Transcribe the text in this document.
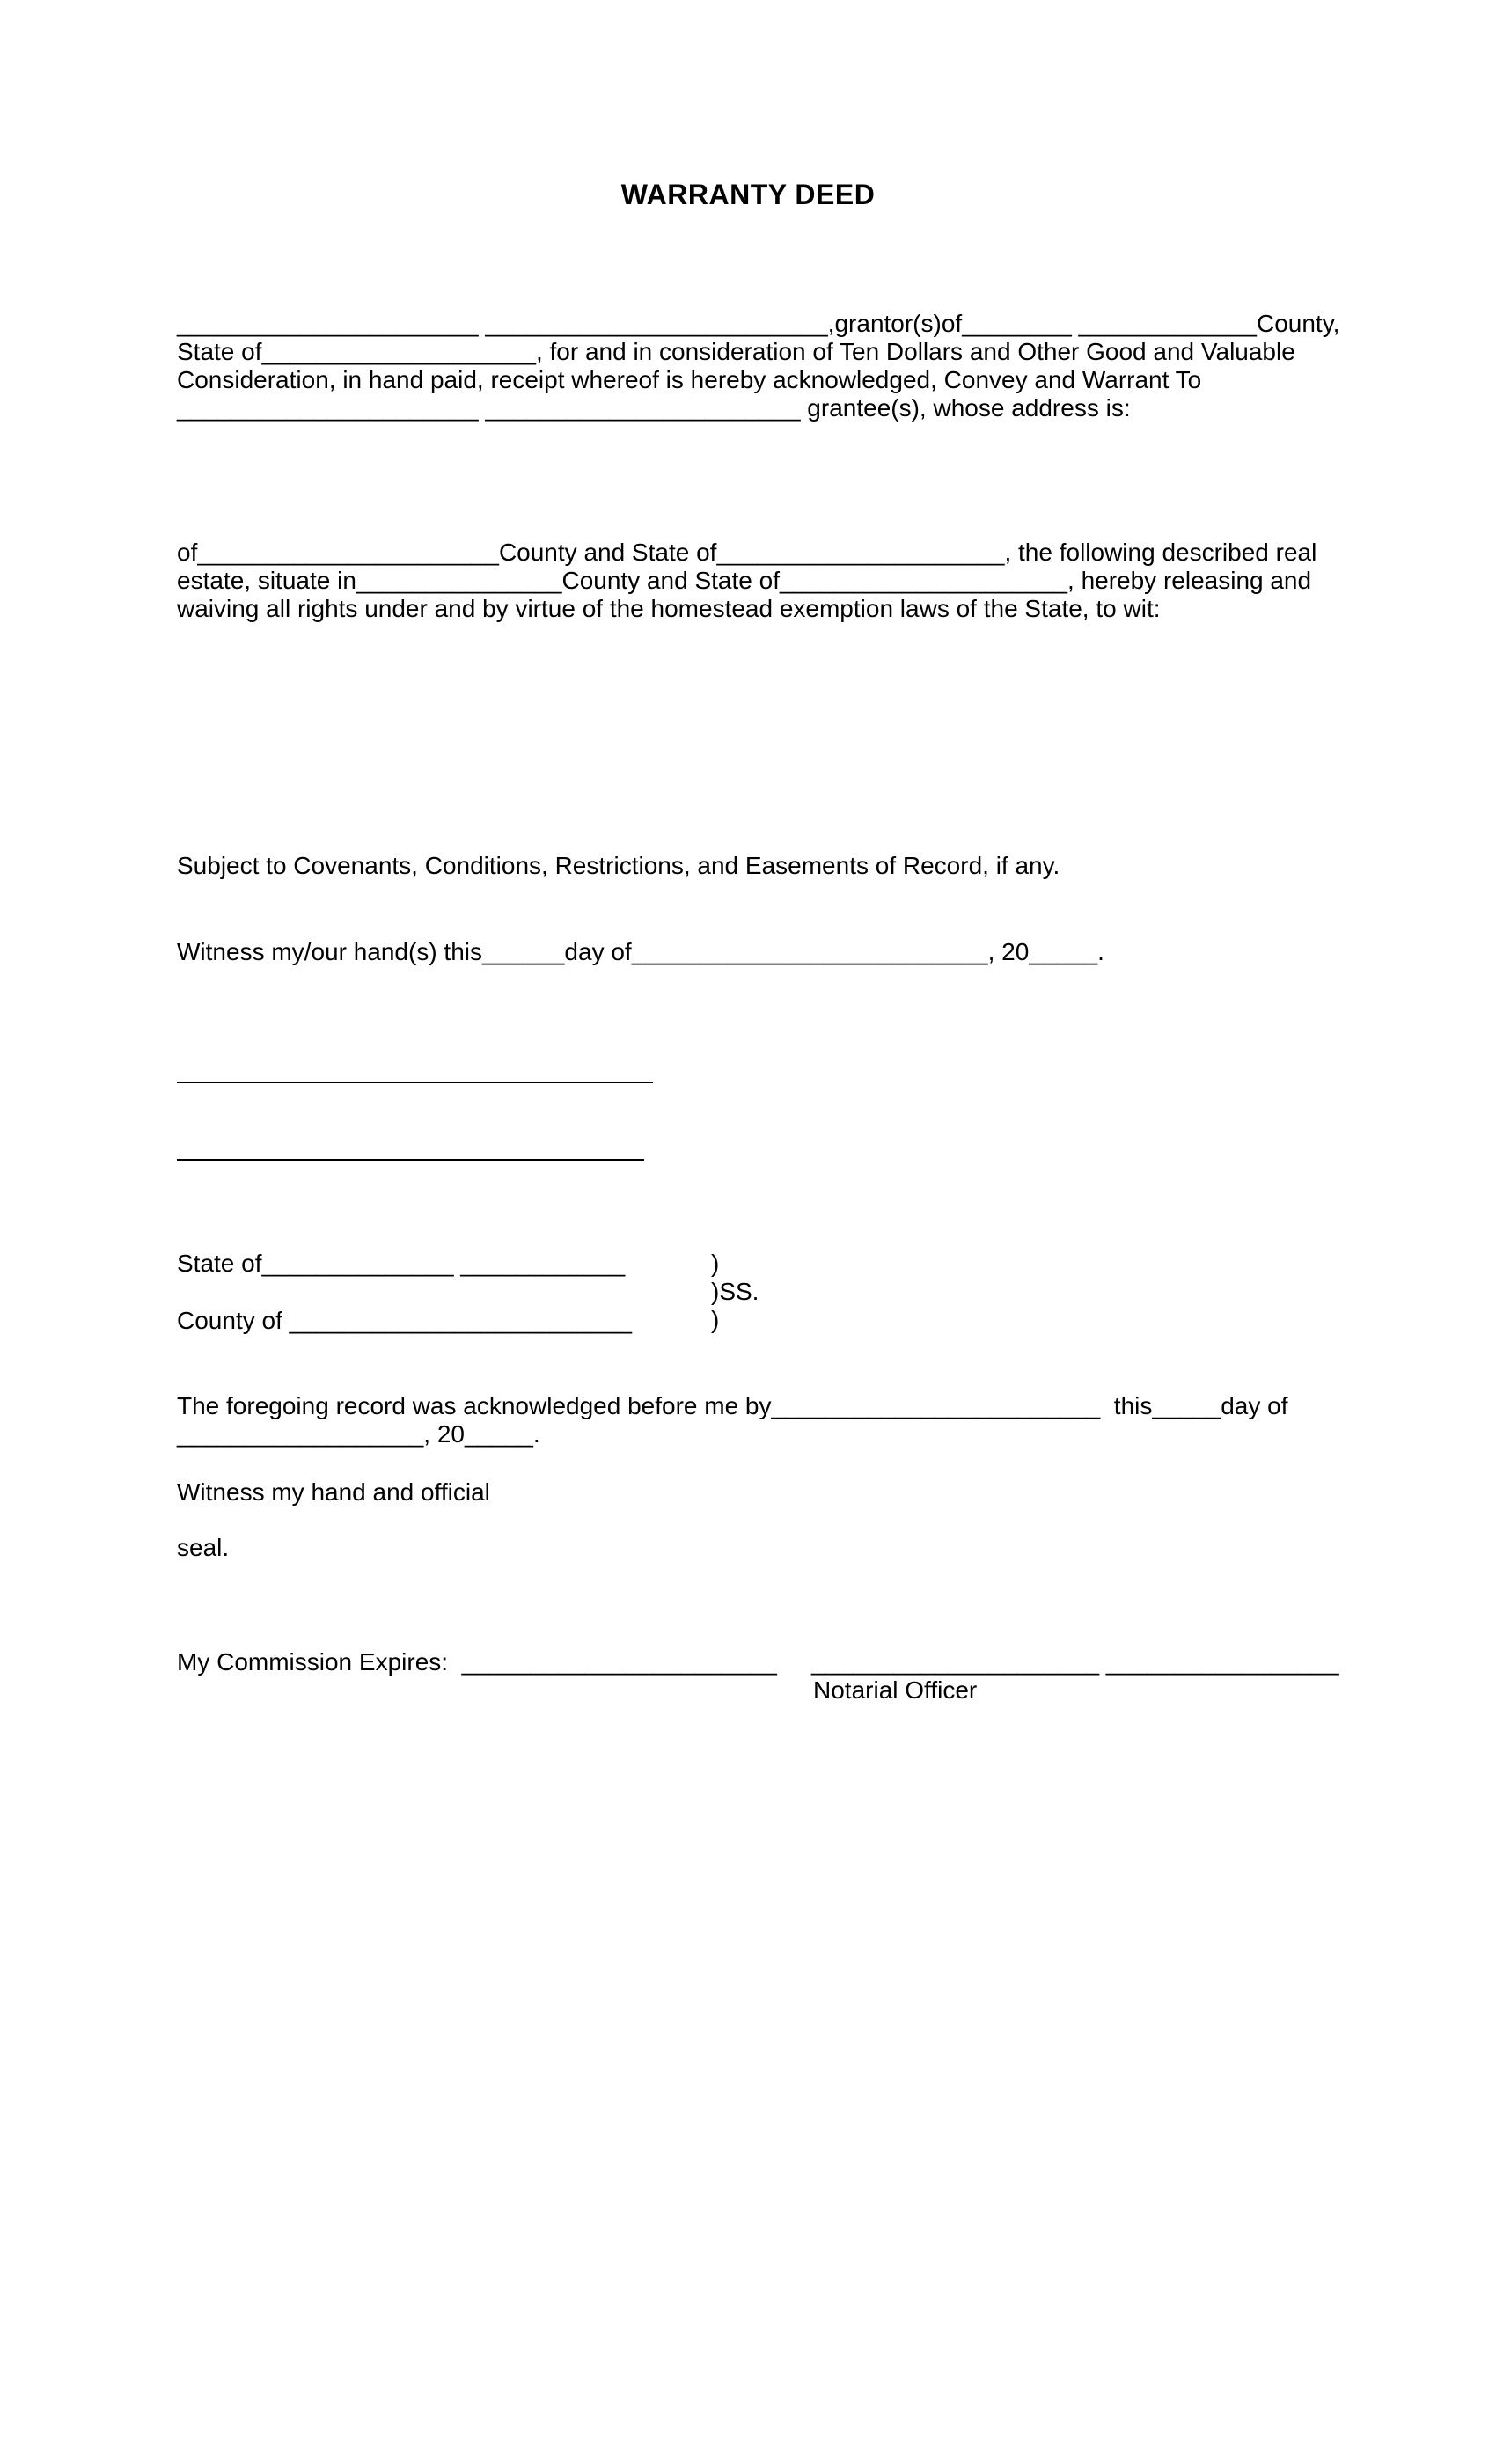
WARRANTY DEED
______________________ _________________________, grantor(s) of________ _____________County,
State of____________________, for and in consideration of Ten Dollars and Other Good and Valuable
Consideration, in hand paid, receipt whereof is hereby acknowledged, Convey and Warrant To
______________________ _______________________ grantee(s), whose address is:
of______________________County and State of_____________________, the following described real
estate, situate in_______________County and State of_____________________, hereby releasing and
waiving all rights under and by virtue of the homestead exemption laws of the State, to wit:
Subject to Covenants, Conditions, Restrictions, and Easements of Record, if any.
Witness my/our hand(s) this______day of__________________________, 20_____.
State of______________ ____________
County of _________________________
)
)SS.
)
The foregoing record was acknowledged before me by________________________  this_____day of
__________________, 20_____.
Witness my hand and official
seal.
My Commission Expires:  _______________________ _____________________ _________________
Notarial Officer
